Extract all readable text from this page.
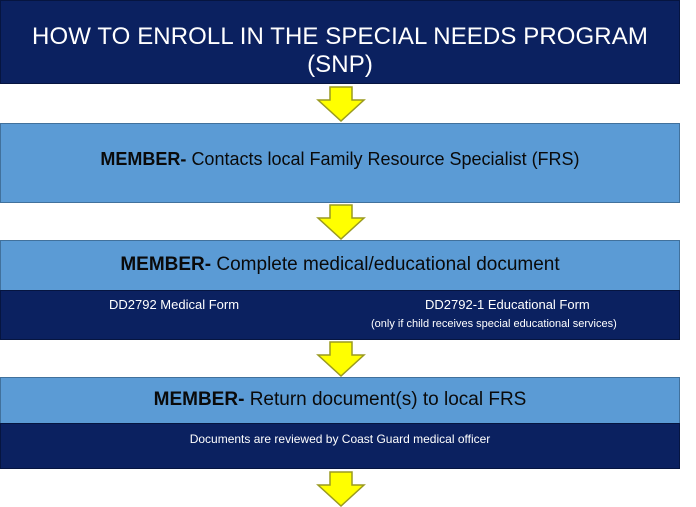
HOW TO ENROLL IN THE SPECIAL NEEDS PROGRAM (SNP)
MEMBER- Contacts local Family Resource Specialist (FRS)
MEMBER- Complete medical/educational document
DD2792 Medical Form	DD2792-1 Educational Form
(only if child receives special educational services)
MEMBER- Return document(s) to local FRS
Documents are reviewed by Coast Guard medical officer
